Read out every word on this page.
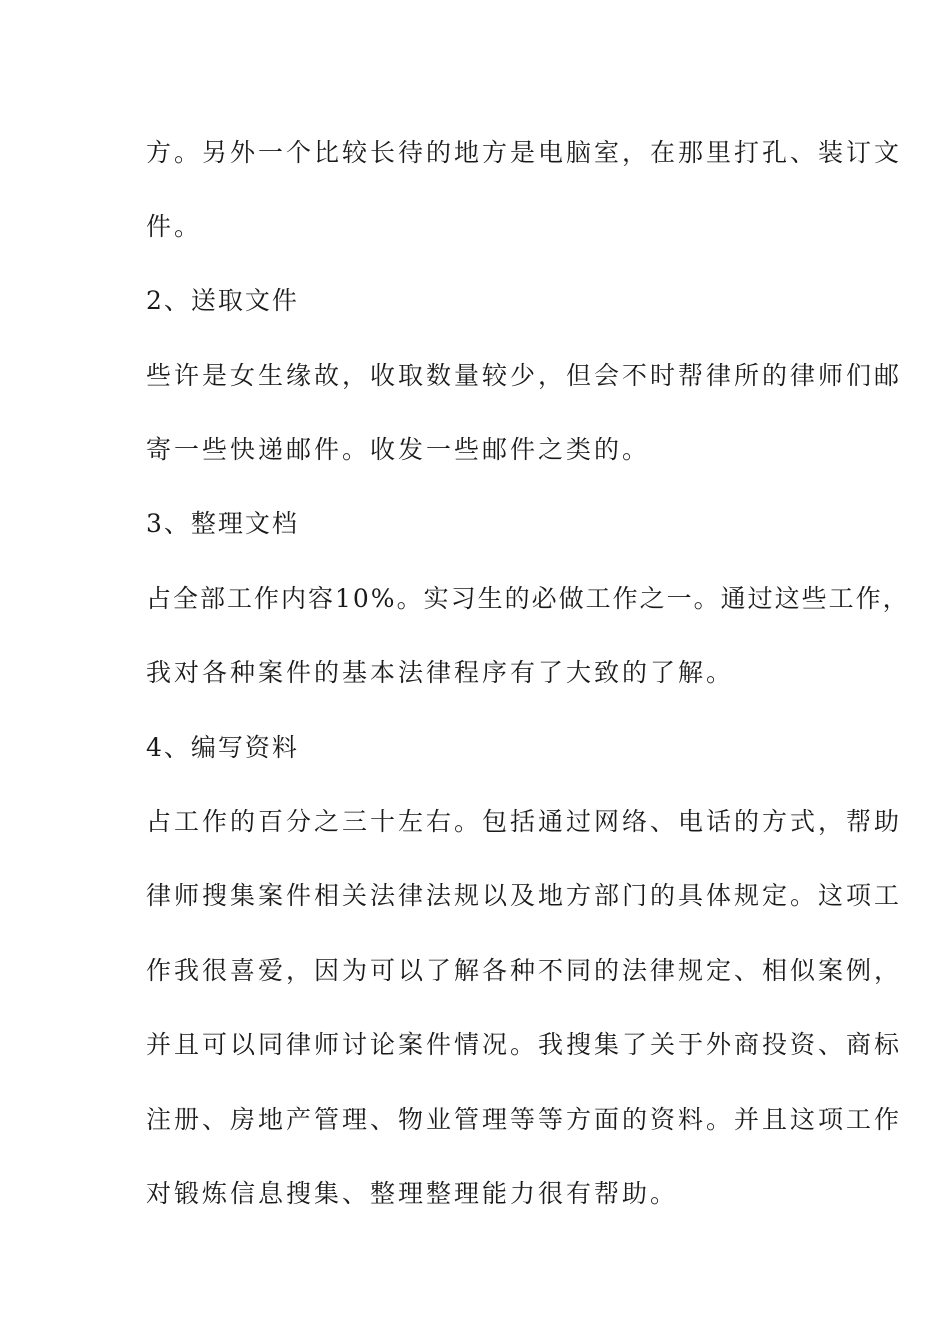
方。另外一个比较长待的地方是电脑室，在那里打孔、装订文
件。
2、送取文件
些许是女生缘故，收取数量较少，但会不时帮律所的律师们邮
寄一些快递邮件。收发一些邮件之类的。
3、整理文档
占全部工作内容10%。实习生的必做工作之一。通过这些工作，
我对各种案件的基本法律程序有了大致的了解。
4、编写资料
占工作的百分之三十左右。包括通过网络、电话的方式，帮助
律师搜集案件相关法律法规以及地方部门的具体规定。这项工
作我很喜爱，因为可以了解各种不同的法律规定、相似案例，
并且可以同律师讨论案件情况。我搜集了关于外商投资、商标
注册、房地产管理、物业管理等等方面的资料。并且这项工作
对锻炼信息搜集、整理整理能力很有帮助。
